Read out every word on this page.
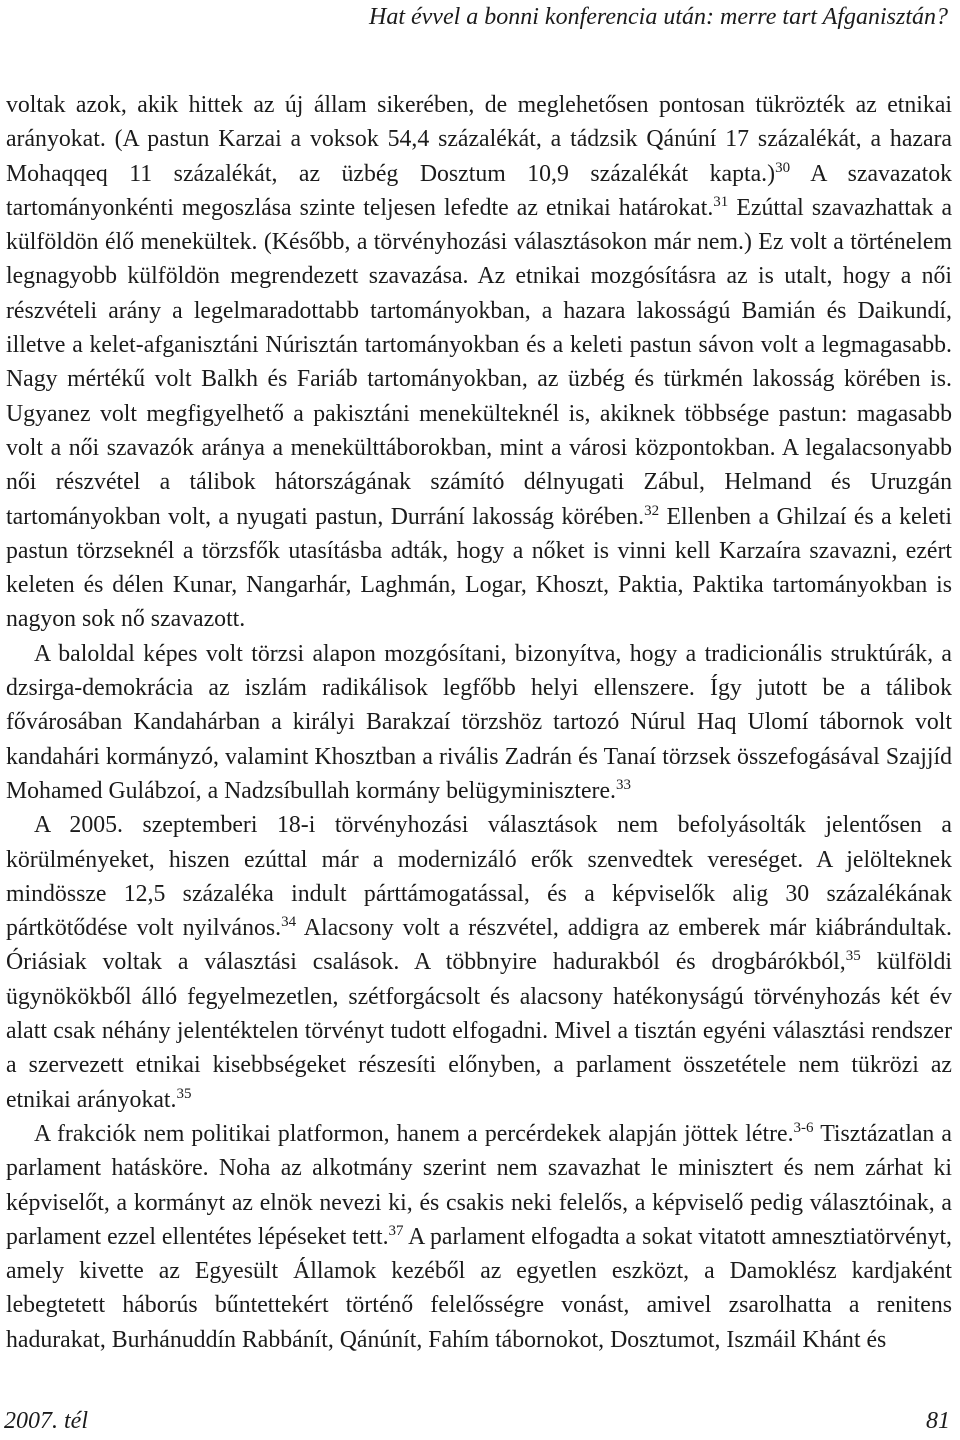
Hat évvel a bonni konferencia után: merre tart Afganisztán?

voltak azok, akik hittek az új állam sikerében, de meglehetősen pontosan tükrözték az etnikai arányokat. (A pastun Karzai a voksok 54,4 százalékát, a tádzsik Qánúní 17 százalékát, a hazara Mohaqqeq 11 százalékát, az üzbég Dosztum 10,9 százalékát kapta.)$^{30}$ A szavazatok tartományonkénti megoszlása szinte teljesen lefedte az etnikai határokat.$^{31}$ Ezúttal szavazhattak a külföldön élő menekültek. (Később, a törvényhozási választásokon már nem.) Ez volt a történelem legnagyobb külföldön megrendezett szavazása. Az etnikai mozgósításra az is utalt, hogy a női részvételi arány a legelmaradottabb tartományokban, a hazara lakosságú Bamián és Daikundí, illetve a kelet-afganisztáni Núrisztán tartományokban és a keleti pastun sávon volt a legmagasabb. Nagy mértékű volt Balkh és Fariáb tartományokban, az üzbég és türkmén lakosság körében is. Ugyanez volt megfigyelhető a pakisztáni menekülteknél is, akiknek többsége pastun: magasabb volt a női szavazók aránya a menekülttáborokban, mint a városi központokban. A legalacsonyabb női részvétel a tálibok hátországának számító délnyugati Zábul, Helmand és Uruzgán tartományokban volt, a nyugati pastun, Durrání lakosság körében.$^{32}$ Ellenben a Ghilzaí és a keleti pastun törzseknél a törzsfők utasításba adták, hogy a nőket is vinni kell Karzaíra szavazni, ezért keleten és délen Kunar, Nangarhár, Laghmán, Logar, Khoszt, Paktia, Paktika tartományokban is nagyon sok nő szavazott.

A baloldal képes volt törzsi alapon mozgósítani, bizonyítva, hogy a tradicionális struktúrák, a dzsirga-demokrácia az iszlám radikálisok legfőbb helyi ellenszere. Így jutott be a tálibok fővárosában Kandahárban a királyi Barakzaí törzshöz tartozó Núrul Haq Ulomí tábornok volt kandahári kormányzó, valamint Khosztban a rivális Zadrán és Tanaí törzsek összefogásával Szajjíd Mohamed Gulábzoí, a Nadzsíbullah kormány belügyminisztere.$^{33}$

A 2005. szeptemberi 18-i törvényhozási választások nem befolyásolták jelentősen a körülményeket, hiszen ezúttal már a modernizáló erők szenvedtek vereséget. A jelölteknek mindössze 12,5 százaléka indult párttámogatással, és a képviselők alig 30 százalékának pártkötődése volt nyilvános.$^{34}$ Alacsony volt a részvétel, addigra az emberek már kiábrándultak. Óriásiak voltak a választási csalások. A többnyire hadurakból és drogbárókból,$^{35}$ külföldi ügynökökből álló fegyelmezetlen, szétforgácsolt és alacsony hatékonyságú törvényhozás két év alatt csak néhány jelentéktelen törvényt tudott elfogadni. Mivel a tisztán egyéni választási rendszer a szervezett etnikai kisebbségeket részesíti előnyben, a parlament összetétele nem tükrözi az etnikai arányokat.$^{35}$

A frakciók nem politikai platformon, hanem a percérdekek alapján jöttek létre.$^{3-6}$ Tisztázatlan a parlament hatásköre. Noha az alkotmány szerint nem szavazhat le minisztert és nem zárhat ki képviselőt, a kormányt az elnök nevezi ki, és csakis neki felelős, a képviselő pedig választóinak, a parlament ezzel ellentétes lépéseket tett.$^{37}$ A parlament elfogadta a sokat vitatott amnesztiatörvényt, amely kivette az Egyesült Államok kezéből az egyetlen eszközt, a Damoklész kardjaként lebegtetett háborús bűntettekért történő felelősségre vonást, amivel zsarolhatta a renitens hadurakat, Burhánuddín Rabbánít, Qánúnít, Fahím tábornokot, Dosztumot, Iszmáil Khánt és

2007. tél	81
